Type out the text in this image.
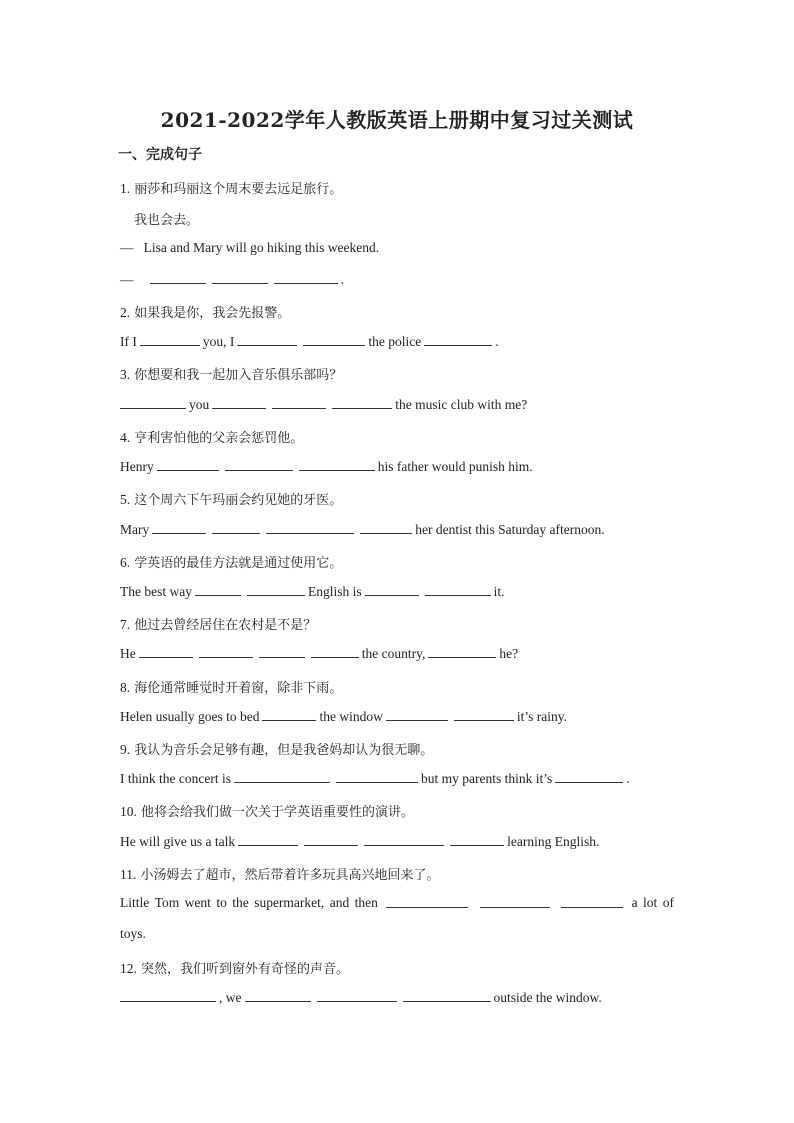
2021-2022学年人教版英语上册期中复习过关测试
一、完成句子
1. 丽莎和玛丽这个周末要去远足旅行。
我也会去。
— Lisa and Mary will go hiking this weekend.
—	.
2. 如果我是你，我会先报警。
If I	you, I	the police	.
3. 你想要和我一起加入音乐俱乐部吗？
you	the music club with me?
4. 亨利害怕他的父亲会惩罚他。
Henry	his father would punish him.
5. 这个周六下午玛丽会约见她的牙医。
Mary	her dentist this Saturday afternoon.
6. 学英语的最佳方法就是通过使用它。
The best way	English is	it.
7. 他过去曾经居住在农村是不是？
He	the country,	he?
8. 海伦通常睡觉时开着窗，除非下雨。
Helen usually goes to bed	the window	it’s rainy.
9. 我认为音乐会足够有趣，但是我爸妈却认为很无聊。
I think the concert is	but my parents think it’s	.
10. 他将会给我们做一次关于学英语重要性的演讲。
He will give us a talk	learning English.
11. 小汤姆去了超市，然后带着许多玩具高兴地回来了。
Little Tom went to the supermarket, and then	a lot of
toys.
12. 突然，我们听到窗外有奇怪的声音。
, we	outside the window.
